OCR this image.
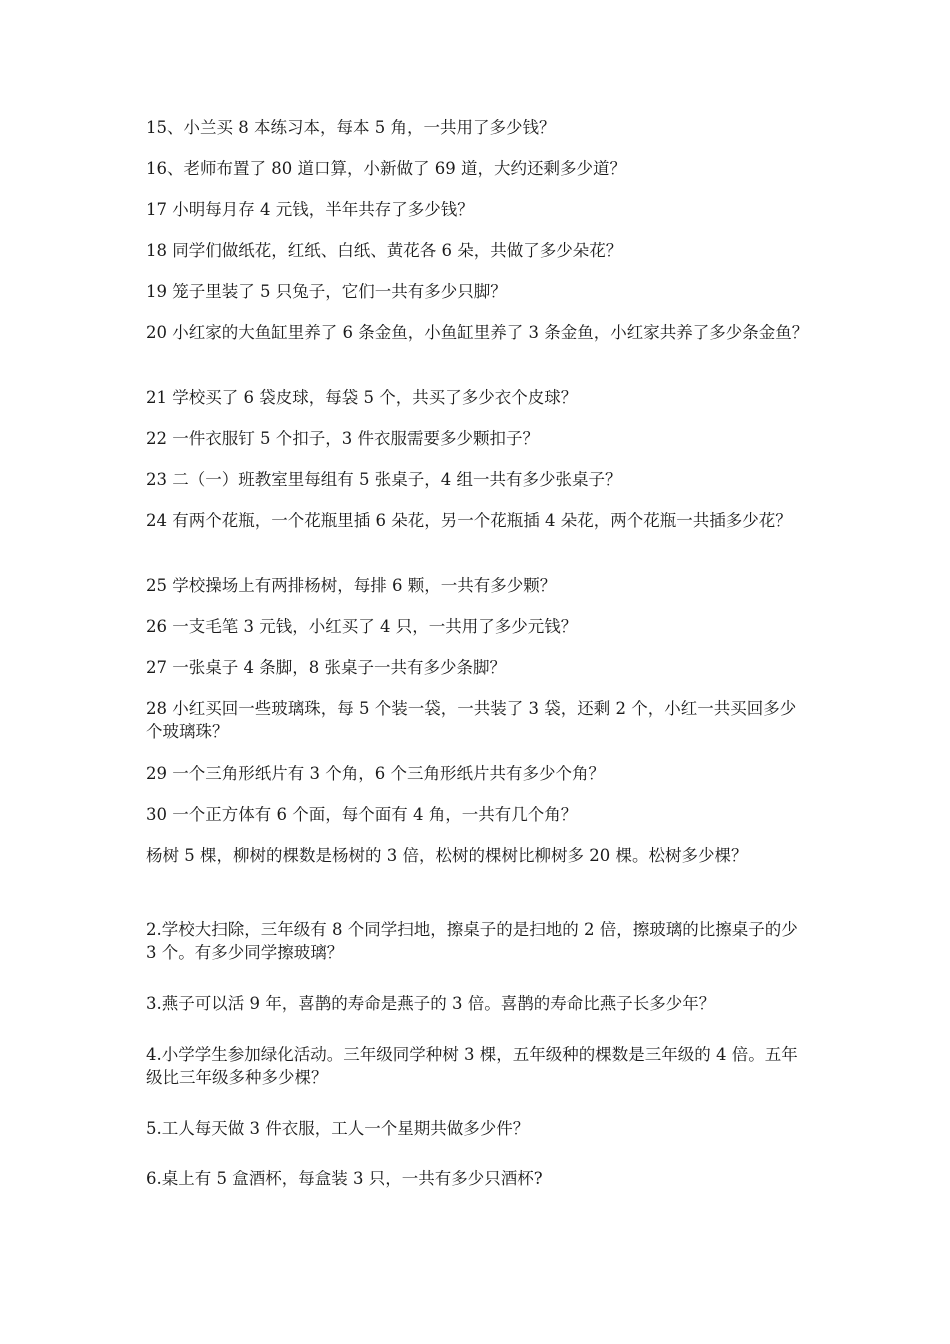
15、小兰买 8 本练习本，每本 5 角，一共用了多少钱？

16、老师布置了 80 道口算，小新做了 69 道，大约还剩多少道？

17 小明每月存 4 元钱，半年共存了多少钱？

18 同学们做纸花，红纸、白纸、黄花各 6 朵，共做了多少朵花？

19 笼子里装了 5 只兔子，它们一共有多少只脚？

20 小红家的大鱼缸里养了 6 条金鱼，小鱼缸里养了 3 条金鱼，小红家共养了多少条金鱼？

21 学校买了 6 袋皮球，每袋 5 个，共买了多少衣个皮球？

22 一件衣服钉 5 个扣子，3 件衣服需要多少颗扣子？

23 二（一）班教室里每组有 5 张桌子，4 组一共有多少张桌子？

24 有两个花瓶，一个花瓶里插 6 朵花，另一个花瓶插 4 朵花，两个花瓶一共插多少花？

25 学校操场上有两排杨树，每排 6 颗，一共有多少颗？

26 一支毛笔 3 元钱，小红买了 4 只，一共用了多少元钱？

27 一张桌子 4 条脚，8 张桌子一共有多少条脚？

28 小红买回一些玻璃珠，每 5 个装一袋，一共装了 3 袋，还剩 2 个，小红一共买回多少个玻璃珠？

29 一个三角形纸片有 3 个角，6 个三角形纸片共有多少个角？

30 一个正方体有 6 个面，每个面有 4 角，一共有几个角？

杨树 5 棵，柳树的棵数是杨树的 3 倍，松树的棵树比柳树多 20 棵。松树多少棵？

2.学校大扫除，三年级有 8 个同学扫地，擦桌子的是扫地的 2 倍，擦玻璃的比擦桌子的少 3 个。有多少同学擦玻璃？

3.燕子可以活 9 年，喜鹊的寿命是燕子的 3 倍。喜鹊的寿命比燕子长多少年？

4.小学学生参加绿化活动。三年级同学种树 3 棵，五年级种的棵数是三年级的 4 倍。五年级比三年级多种多少棵？

5.工人每天做 3 件衣服，工人一个星期共做多少件？

6.桌上有 5 盒酒杯，每盒装 3 只，一共有多少只酒杯?
